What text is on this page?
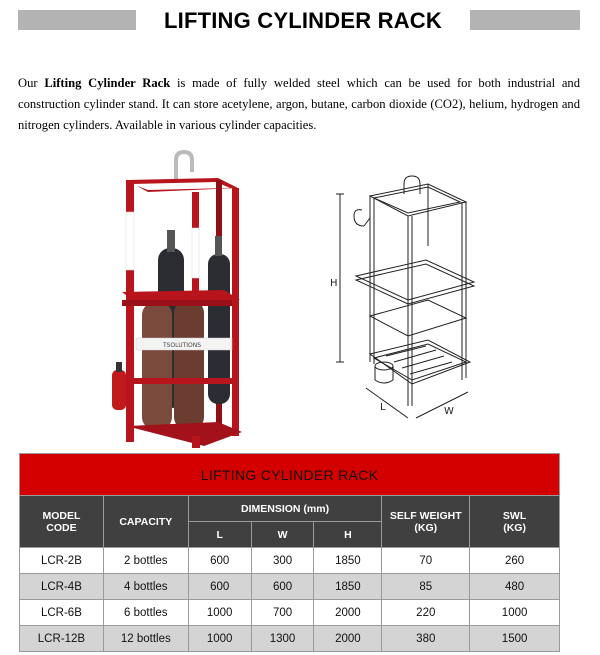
LIFTING CYLINDER RACK

Our Lifting Cylinder Rack is made of fully welded steel which can be used for both industrial and construction cylinder stand. It can store acetylene, argon, butane, carbon dioxide (CO2), helium, hydrogen and nitrogen cylinders. Available in various cylinder capacities.

TSOLUTIONS
H
L	W
LIFTING CYLINDER RACK						
MODEL
CODE	CAPACITY	DIMENSION (mm)			SELF WEIGHT
(KG)	SWL
(KG)
		L	W	H		
LCR-2B	2 bottles	600	300	1850	70	260
LCR-4B	4 bottles	600	600	1850	85	480
LCR-6B	6 bottles	1000	700	2000	220	1000
LCR-12B	12 bottles	1000	1300	2000	380	1500
